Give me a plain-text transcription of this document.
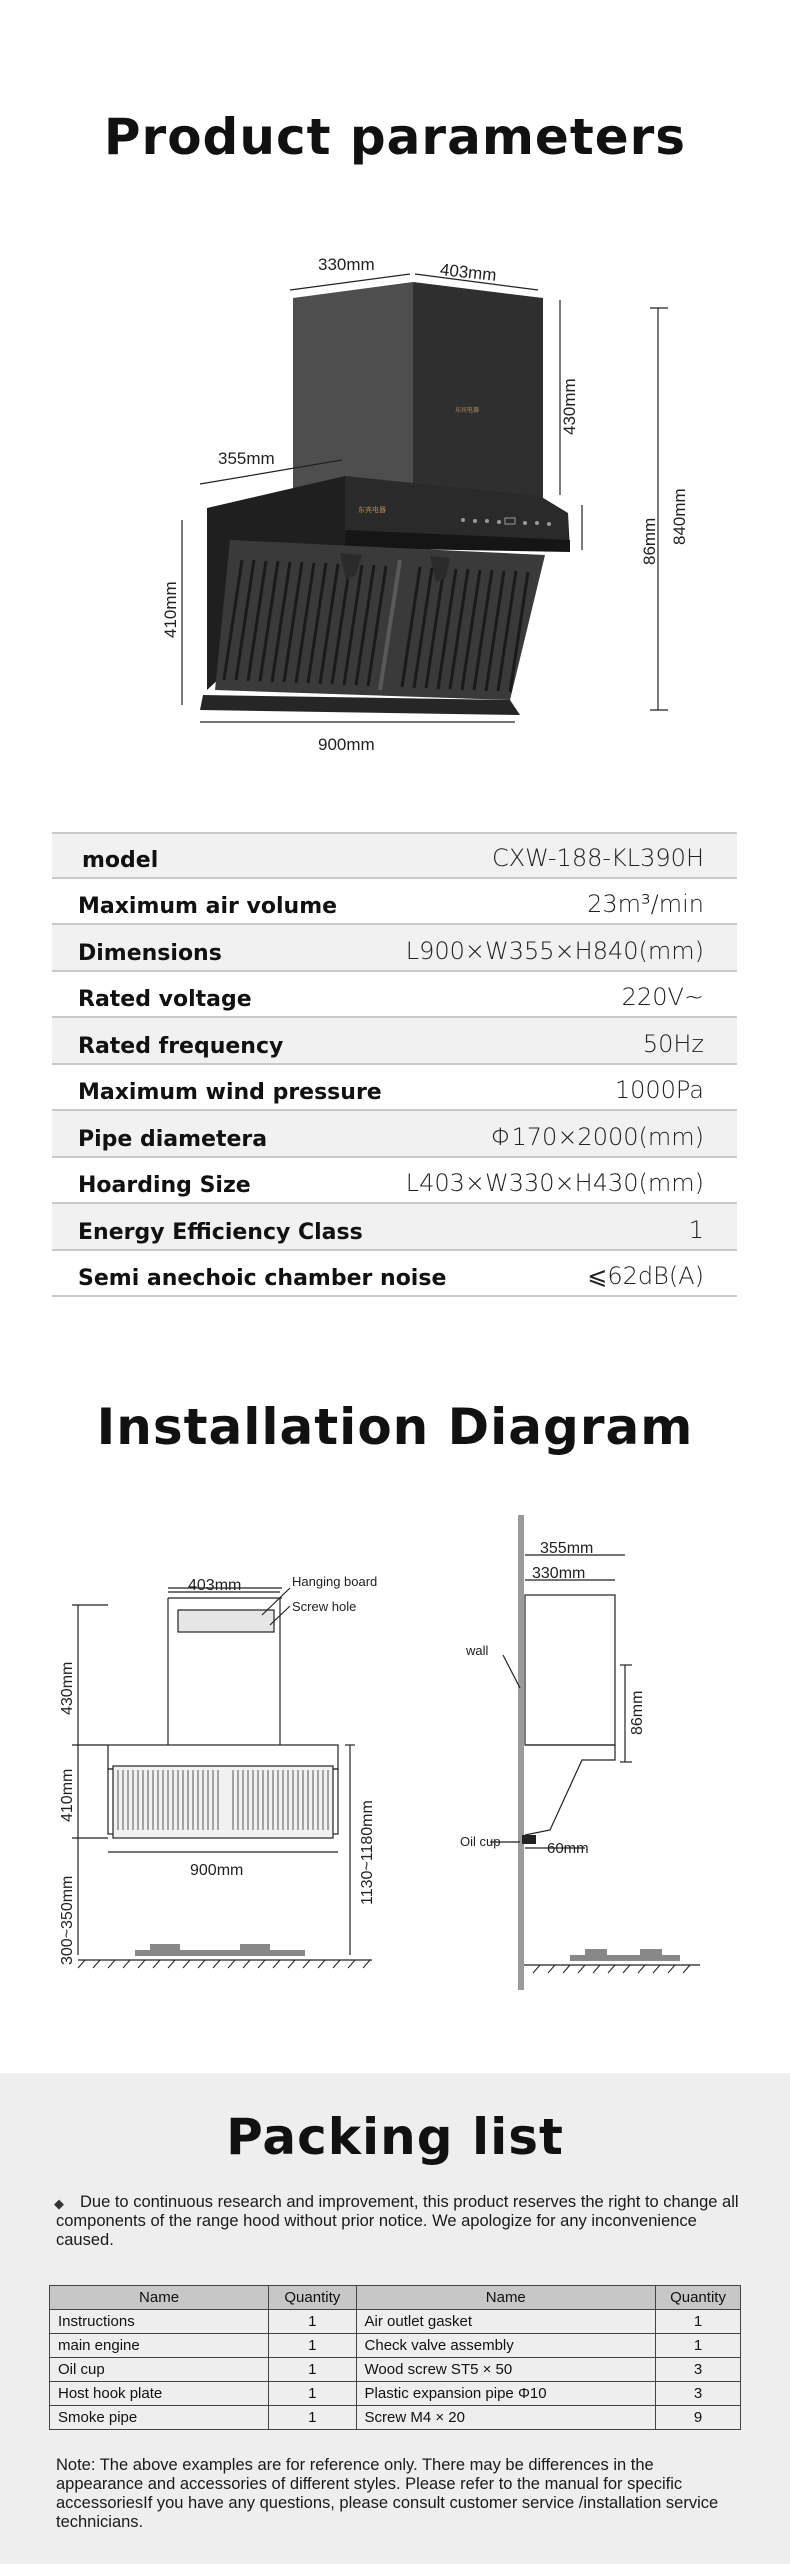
Product parameters
东宾电器
东宾电器
330mm	403mm
430mm
840mm
355mm
86mm
410mm
900mm
model	CXW-188-KL390H
Maximum air volume	23m³/min
Dimensions	L900×W355×H840(mm)
Rated voltage	220V~
Rated frequency	50Hz
Maximum wind pressure	1000Pa
Pipe diametera	Φ170×2000(mm)
Hoarding Size	L403×W330×H430(mm)
Energy Efficiency Class	1
Semi anechoic chamber noise	⩽62dB(A)
Installation Diagram
403mm	Hanging board
Screw hole
430mm
410mm
1130~1180mm
900mm
300~350mm
355mm
330mm
wall
86mm
Oil cup	60mm
Packing list
◆ Due to continuous research and improvement, this product reserves the right to change all components of the range hood without prior notice. We apologize for any inconvenience caused.
Name	Quantity	Name	Quantity
Instructions	1	Air outlet gasket	1
main engine	1	Check valve assembly	1
Oil cup	1	Wood screw ST5 × 50	3
Host hook plate	1	Plastic expansion pipe Φ10	3
Smoke pipe	1	Screw M4 × 20	9
Note: The above examples are for reference only. There may be differences in the appearance and accessories of different styles. Please refer to the manual for specific accessoriesIf you have any questions, please consult customer service /installation service technicians.
